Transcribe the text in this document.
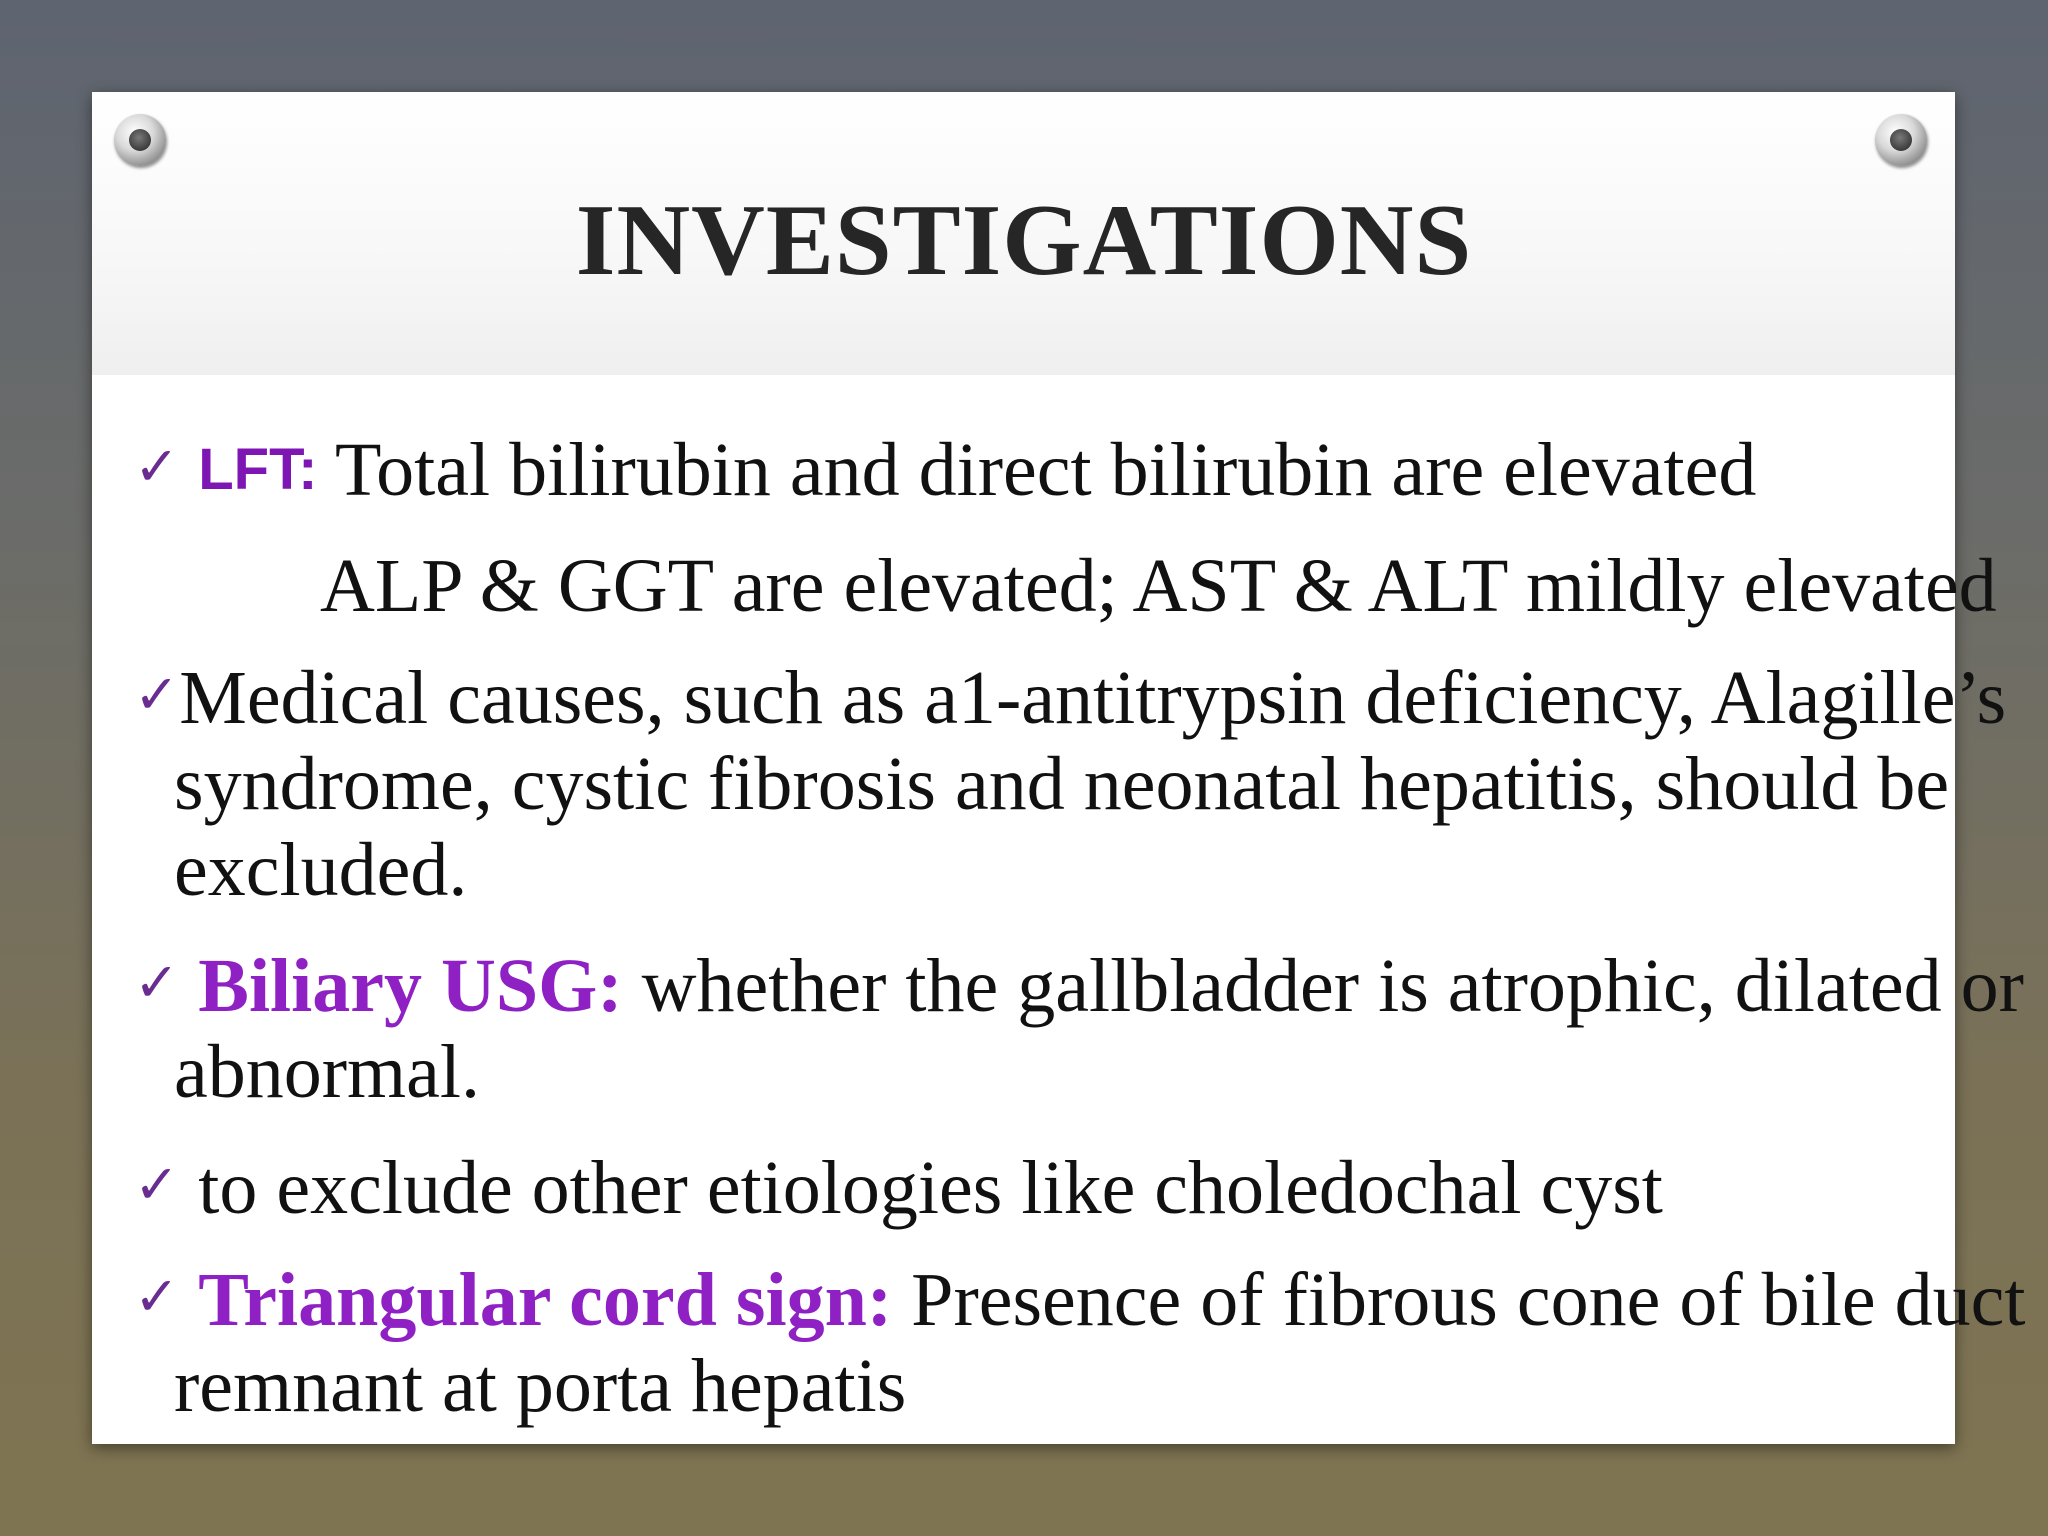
INVESTIGATIONS
✓ LFT: Total bilirubin and direct bilirubin are elevated
ALP & GGT are elevated; AST & ALT mildly elevated
✓Medical causes, such as a1-antitrypsin deficiency, Alagille’s
syndrome, cystic fibrosis and neonatal hepatitis, should be
excluded.
✓ Biliary USG: whether the gallbladder is atrophic, dilated or
abnormal.
✓ to exclude other etiologies like choledochal cyst
✓ Triangular cord sign: Presence of fibrous cone of bile duct
remnant at porta hepatis
